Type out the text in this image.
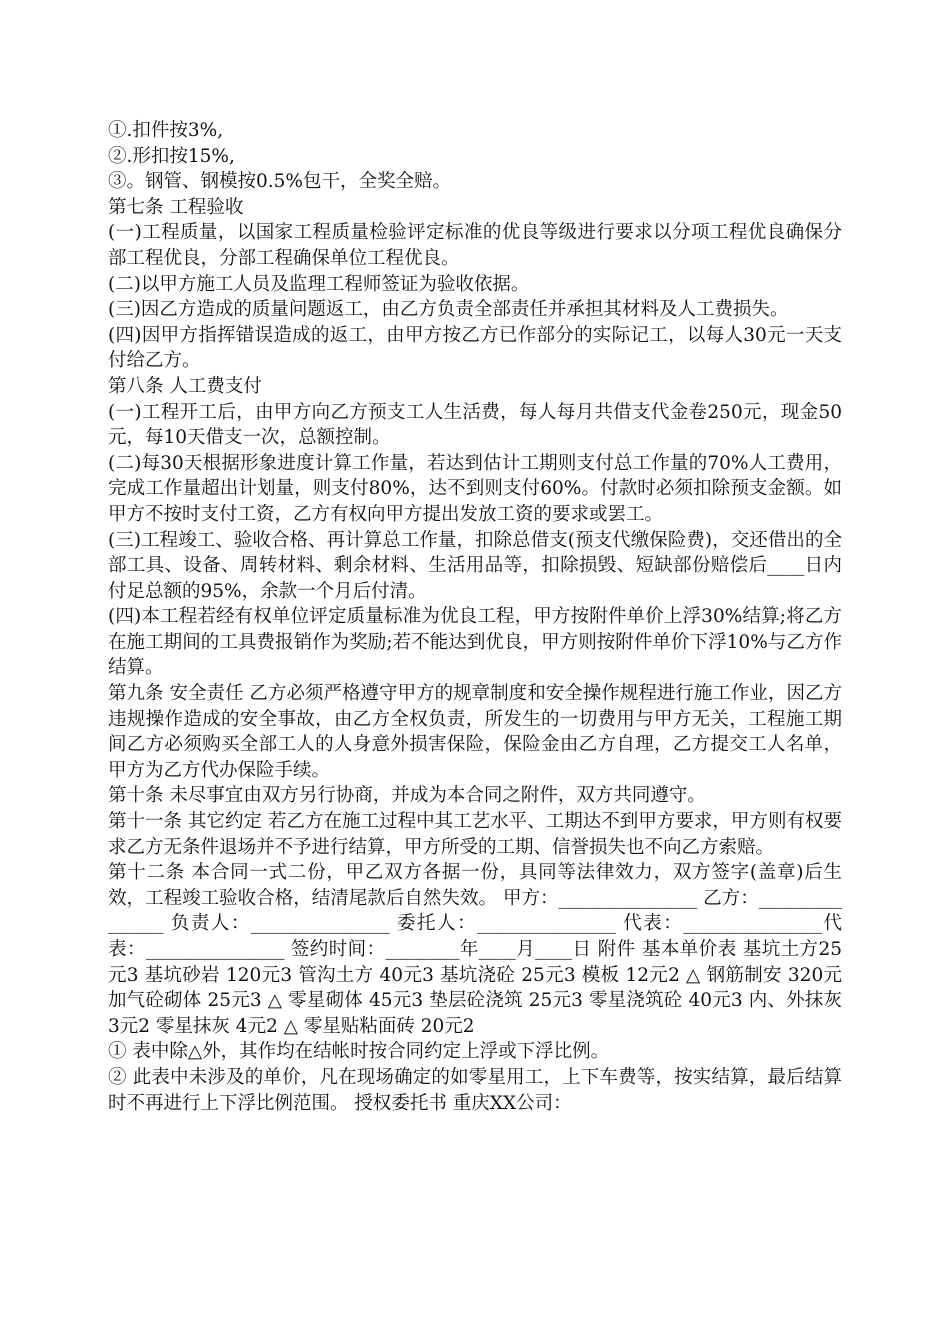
①.扣件按3%,

②.形扣按15%,

③。钢管、钢模按0.5%包干，全奖全赔。

第七条 工程验收

(一)工程质量，以国家工程质量检验评定标准的优良等级进行要求以分项工程优良确保分部工程优良，分部工程确保单位工程优良。

(二)以甲方施工人员及监理工程师签证为验收依据。

(三)因乙方造成的质量问题返工，由乙方负责全部责任并承担其材料及人工费损失。

(四)因甲方指挥错误造成的返工，由甲方按乙方已作部分的实际记工，以每人30元一天支付给乙方。

第八条 人工费支付

(一)工程开工后，由甲方向乙方预支工人生活费，每人每月共借支代金卷250元，现金50元，每10天借支一次，总额控制。

(二)每30天根据形象进度计算工作量，若达到估计工期则支付总工作量的70%人工费用，完成工作量超出计划量，则支付80%，达不到则支付60%。付款时必须扣除预支金额。如甲方不按时支付工资，乙方有权向甲方提出发放工资的要求或罢工。

(三)工程竣工、验收合格、再计算总工作量，扣除总借支(预支代缴保险费)，交还借出的全部工具、设备、周转材料、剩余材料、生活用品等，扣除损毁、短缺部份赔偿后____日内付足总额的95%，余款一个月后付清。

(四)本工程若经有权单位评定质量标准为优良工程，甲方按附件单价上浮30%结算;将乙方在施工期间的工具费报销作为奖励;若不能达到优良，甲方则按附件单价下浮10%与乙方作结算。

第九条 安全责任 乙方必须严格遵守甲方的规章制度和安全操作规程进行施工作业，因乙方违规操作造成的安全事故，由乙方全权负责，所发生的一切费用与甲方无关，工程施工期间乙方必须购买全部工人的人身意外损害保险，保险金由乙方自理，乙方提交工人名单，甲方为乙方代办保险手续。

第十条 未尽事宜由双方另行协商，并成为本合同之附件，双方共同遵守。

第十一条 其它约定 若乙方在施工过程中其工艺水平、工期达不到甲方要求，甲方则有权要求乙方无条件退场并不予进行结算，甲方所受的工期、信誉损失也不向乙方索赔。

第十二条 本合同一式二份，甲乙双方各据一份，具同等法律效力，双方签字(盖章)后生效，工程竣工验收合格，结清尾款后自然失效。 甲方：_______________ 乙方：_______________ 负责人：_______________ 委托人：_______________ 代表：_______________代表：_______________ 签约时间：________年____月____日 附件 基本单价表 基坑土方25元3 基坑砂岩 120元3 管沟土方 40元3 基坑浇砼 25元3 模板 12元2 △ 钢筋制安 320元 加气砼砌体 25元3 △ 零星砌体 45元3 垫层砼浇筑 25元3 零星浇筑砼 40元3 内、外抹灰 3元2 零星抹灰 4元2 △ 零星贴粘面砖 20元2

① 表中除△外，其作均在结帐时按合同约定上浮或下浮比例。

② 此表中未涉及的单价，凡在现场确定的如零星用工，上下车费等，按实结算，最后结算时不再进行上下浮比例范围。 授权委托书 重庆XX公司：
